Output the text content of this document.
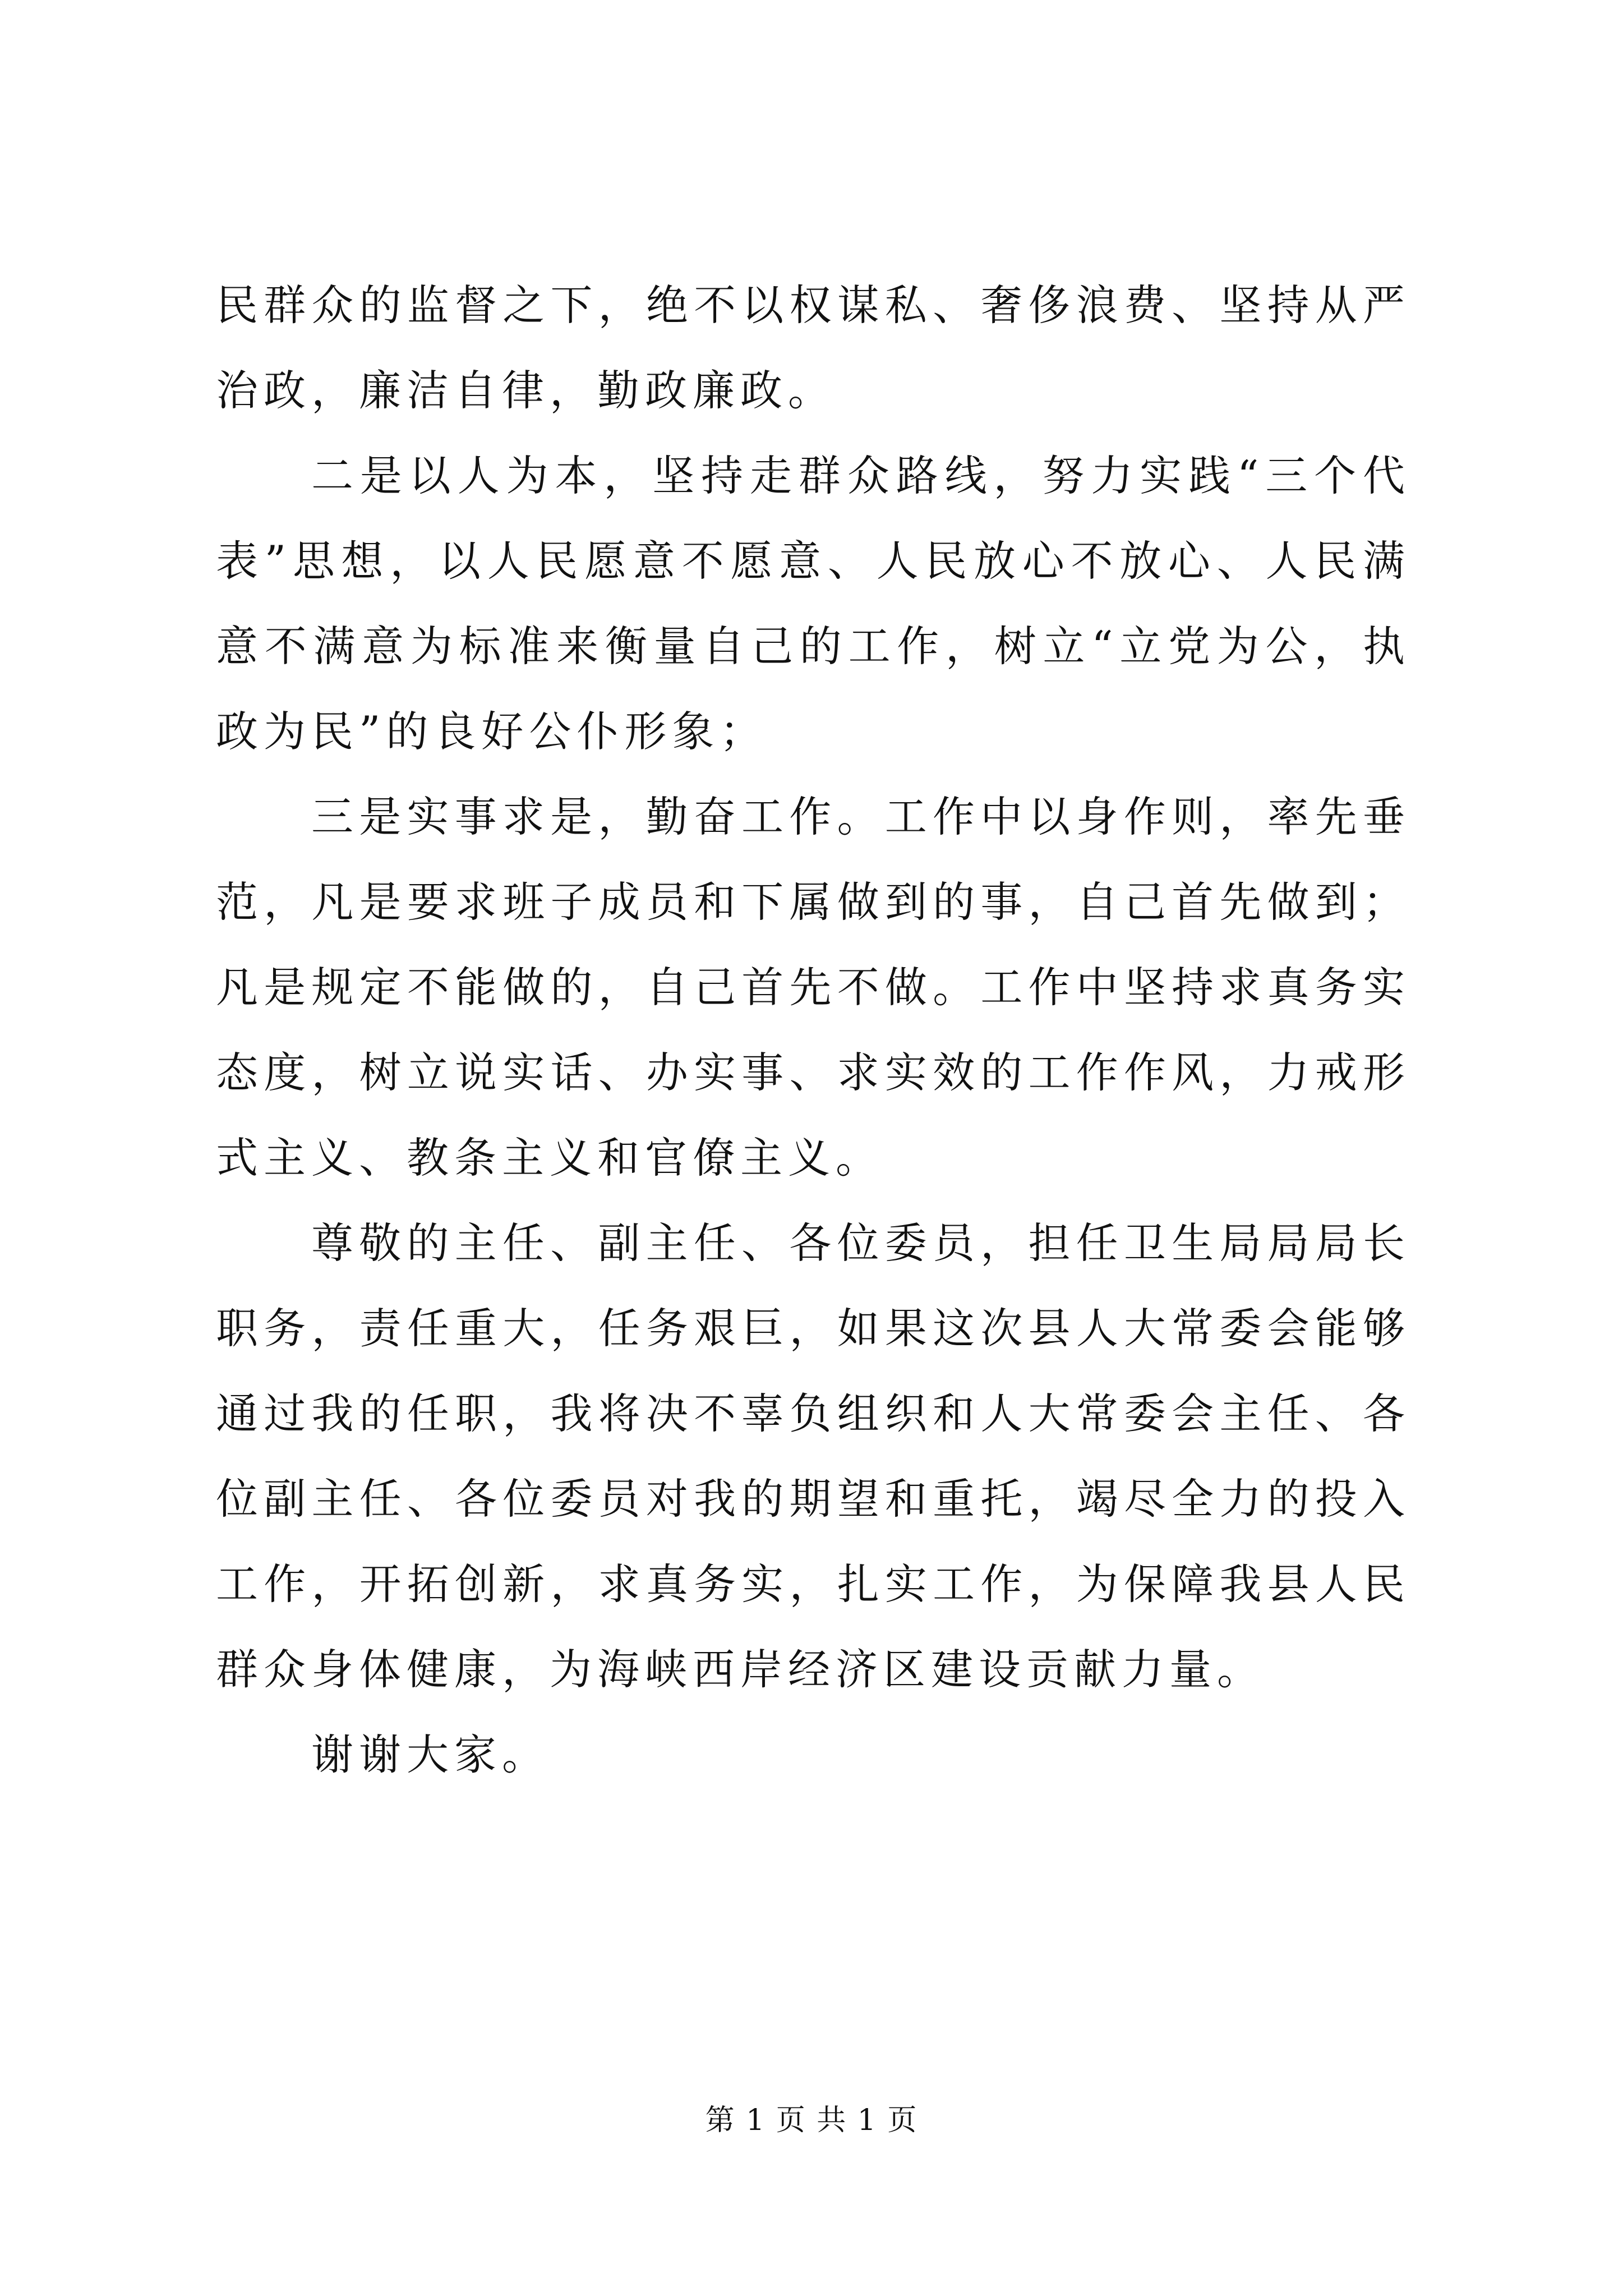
民群众的监督之下，绝不以权谋私、奢侈浪费、坚持从严治政，廉洁自律，勤政廉政。

二是以人为本，坚持走群众路线，努力实践“三个代表”思想，以人民愿意不愿意、人民放心不放心、人民满意不满意为标准来衡量自己的工作，树立“立党为公，执政为民”的良好公仆形象；

三是实事求是，勤奋工作。工作中以身作则，率先垂范，凡是要求班子成员和下属做到的事，自己首先做到；凡是规定不能做的，自己首先不做。工作中坚持求真务实态度，树立说实话、办实事、求实效的工作作风，力戒形式主义、教条主义和官僚主义。

尊敬的主任、副主任、各位委员，担任卫生局局局长职务，责任重大，任务艰巨，如果这次县人大常委会能够通过我的任职，我将决不辜负组织和人大常委会主任、各位副主任、各位委员对我的期望和重托，竭尽全力的投入工作，开拓创新，求真务实，扎实工作，为保障我县人民群众身体健康，为海峡西岸经济区建设贡献力量。

谢谢大家。

第 1 页 共 1 页
